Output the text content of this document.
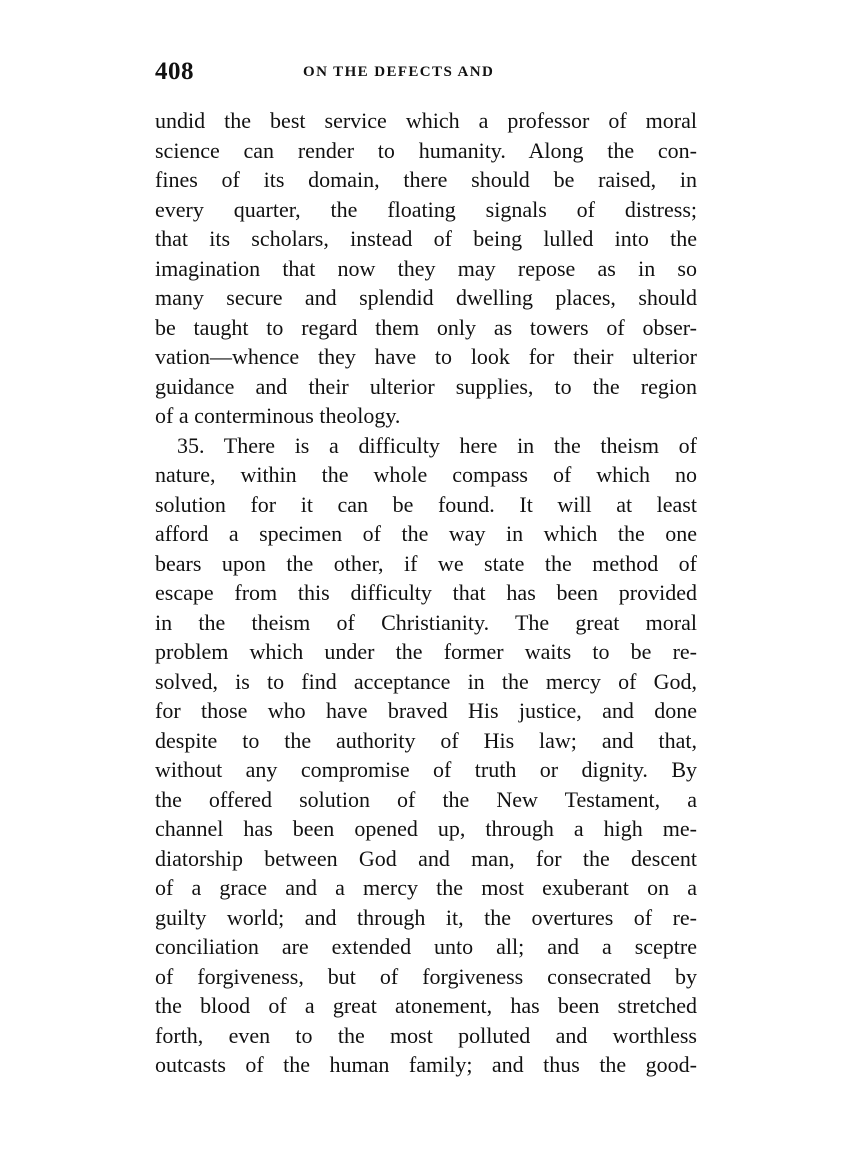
408	ON THE DEFECTS AND
undid the best service which a professor of moral
science can render to humanity. Along the con-
fines of its domain, there should be raised, in
every quarter, the floating signals of distress;
that its scholars, instead of being lulled into the
imagination that now they may repose as in so
many secure and splendid dwelling places, should
be taught to regard them only as towers of obser-
vation—whence they have to look for their ulterior
guidance and their ulterior supplies, to the region
of a conterminous theology.
35. There is a difficulty here in the theism of
nature, within the whole compass of which no
solution for it can be found. It will at least
afford a specimen of the way in which the one
bears upon the other, if we state the method of
escape from this difficulty that has been provided
in the theism of Christianity. The great moral
problem which under the former waits to be re-
solved, is to find acceptance in the mercy of God,
for those who have braved His justice, and done
despite to the authority of His law; and that,
without any compromise of truth or dignity. By
the offered solution of the New Testament, a
channel has been opened up, through a high me-
diatorship between God and man, for the descent
of a grace and a mercy the most exuberant on a
guilty world; and through it, the overtures of re-
conciliation are extended unto all; and a sceptre
of forgiveness, but of forgiveness consecrated by
the blood of a great atonement, has been stretched
forth, even to the most polluted and worthless
outcasts of the human family; and thus the good-
